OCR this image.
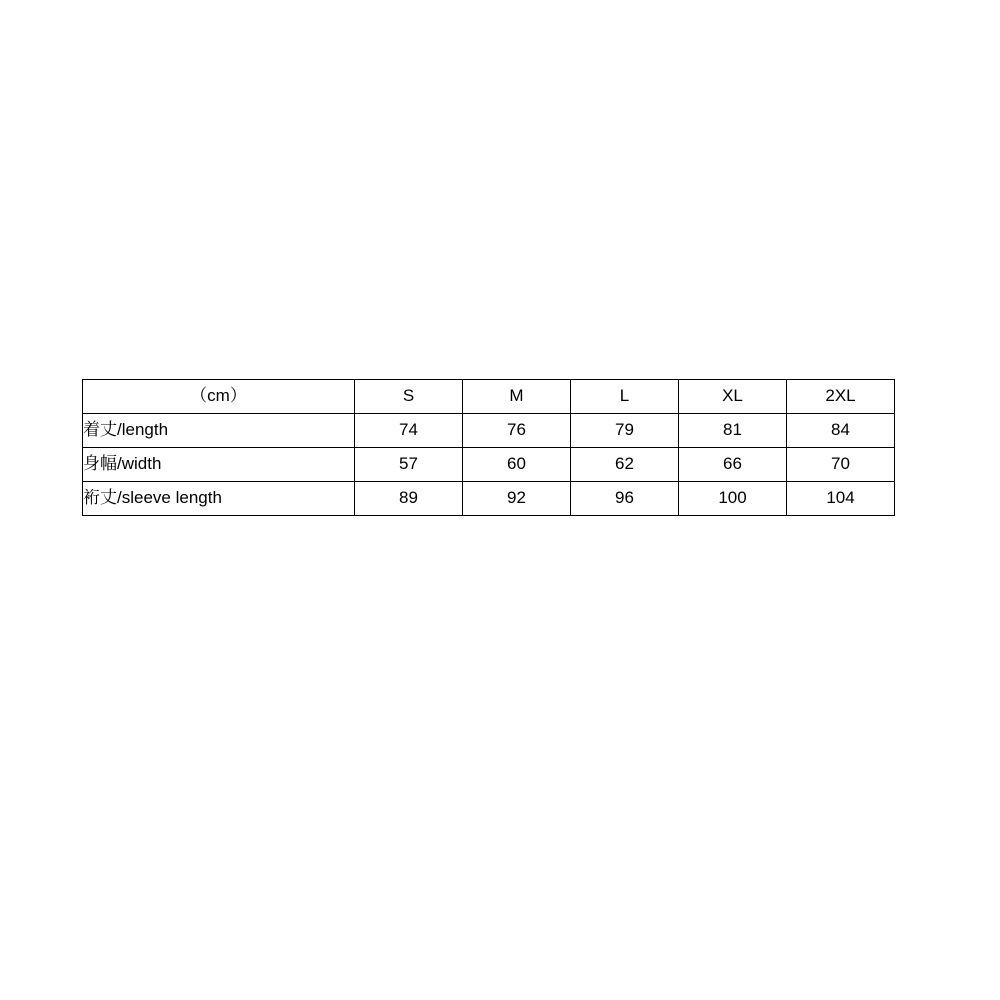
（cm）	S	M	L	XL	2XL
着丈/length	74	76	79	81	84
身幅/width	57	60	62	66	70
裄丈/sleeve length	89	92	96	100	104
